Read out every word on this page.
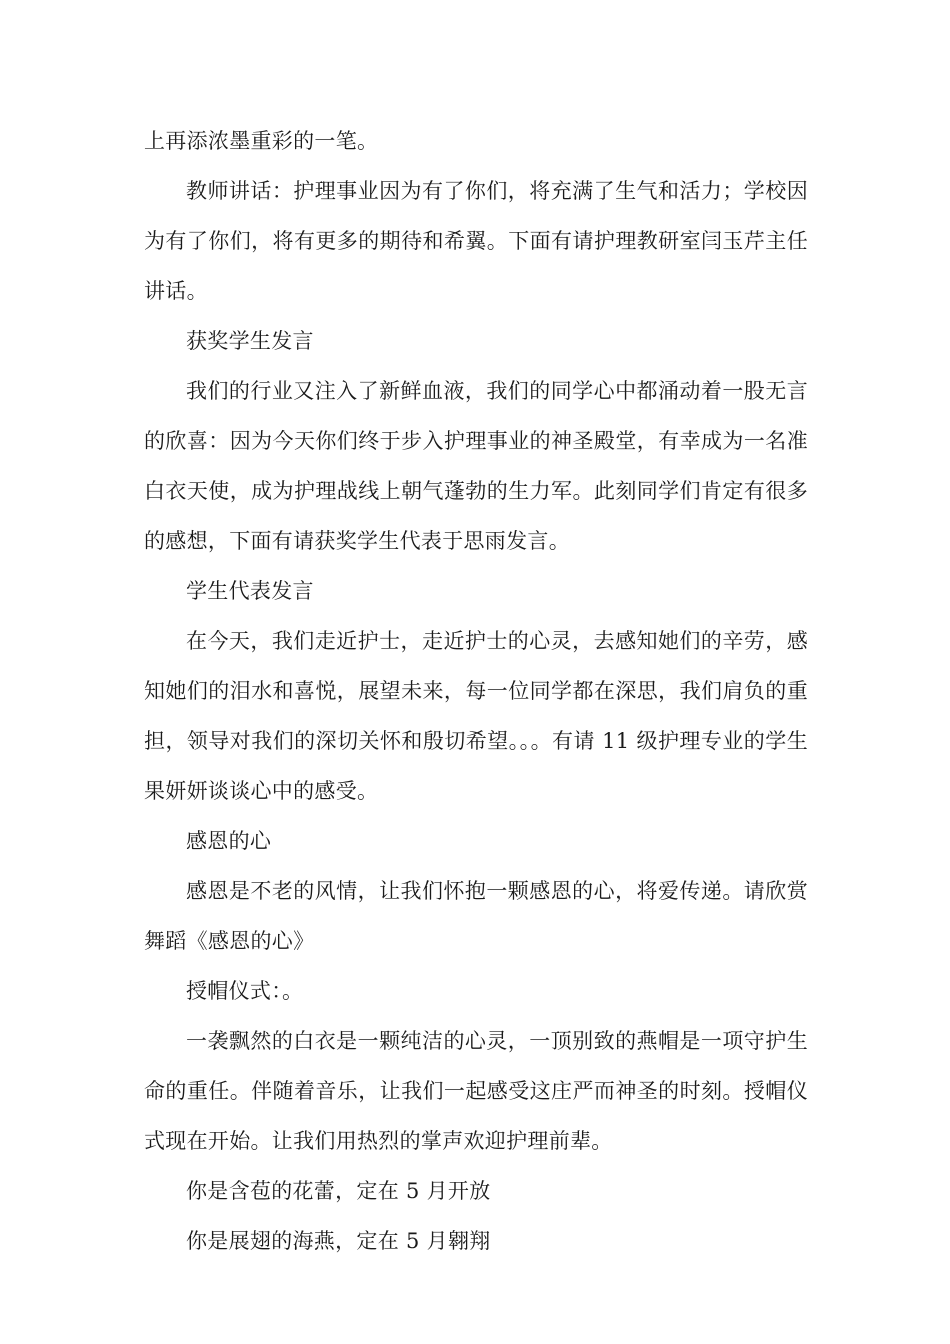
上再添浓墨重彩的一笔。

教师讲话：护理事业因为有了你们，将充满了生气和活力；学校因为有了你们，将有更多的期待和希翼。下面有请护理教研室闫玉芹主任讲话。

获奖学生发言

我们的行业又注入了新鲜血液，我们的同学心中都涌动着一股无言的欣喜：因为今天你们终于步入护理事业的神圣殿堂，有幸成为一名准白衣天使，成为护理战线上朝气蓬勃的生力军。此刻同学们肯定有很多的感想，下面有请获奖学生代表于思雨发言。

学生代表发言

在今天，我们走近护士，走近护士的心灵，去感知她们的辛劳，感知她们的泪水和喜悦，展望未来，每一位同学都在深思，我们肩负的重担，领导对我们的深切关怀和殷切希望。。。有请 11 级护理专业的学生果妍妍谈谈心中的感受。

感恩的心

感恩是不老的风情，让我们怀抱一颗感恩的心，将爱传递。请欣赏舞蹈《感恩的心》

授帽仪式：。

一袭飘然的白衣是一颗纯洁的心灵，一顶别致的燕帽是一项守护生命的重任。伴随着音乐，让我们一起感受这庄严而神圣的时刻。授帽仪式现在开始。让我们用热烈的掌声欢迎护理前辈。

你是含苞的花蕾，定在 5 月开放

你是展翅的海燕，定在 5 月翱翔
